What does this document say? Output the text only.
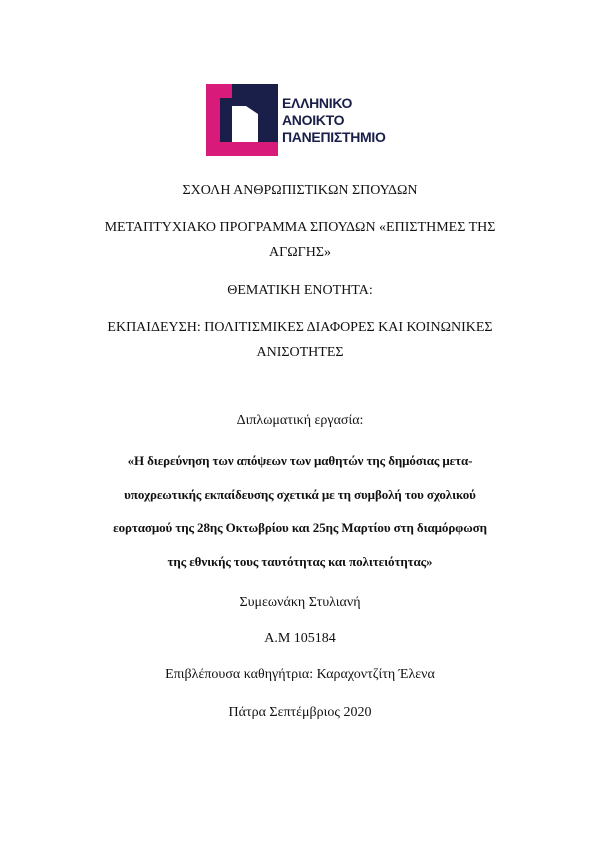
ΕΛΛΗΝΙΚΟ
ΑΝΟΙΚΤΟ
ΠΑΝΕΠΙΣΤΗΜΙΟ
ΣΧΟΛΗ ΑΝΘΡΩΠΙΣΤΙΚΩΝ ΣΠΟΥΔΩΝ
ΜΕΤΑΠΤΥΧΙΑΚΟ ΠΡΟΓΡΑΜΜΑ ΣΠΟΥΔΩΝ «ΕΠΙΣΤΗΜΕΣ ΤΗΣ
ΑΓΩΓΗΣ»
ΘΕΜΑΤΙΚΗ ΕΝΟΤΗΤΑ:
ΕΚΠΑΙΔΕΥΣΗ: ΠΟΛΙΤΙΣΜΙΚΕΣ ΔΙΑΦΟΡΕΣ ΚΑΙ ΚΟΙΝΩΝΙΚΕΣ
ΑΝΙΣΟΤΗΤΕΣ
Διπλωματική εργασία:
«Η διερεύνηση των απόψεων των μαθητών της δημόσιας μετα-
υποχρεωτικής εκπαίδευσης σχετικά με τη συμβολή του σχολικού
εορτασμού της 28ης Οκτωβρίου και 25ης Μαρτίου στη διαμόρφωση
της εθνικής τους ταυτότητας και πολιτειότητας»
Συμεωνάκη Στυλιανή
Α.Μ 105184
Επιβλέπουσα καθηγήτρια: Καραχοντζίτη Έλενα
Πάτρα Σεπτέμβριος 2020
